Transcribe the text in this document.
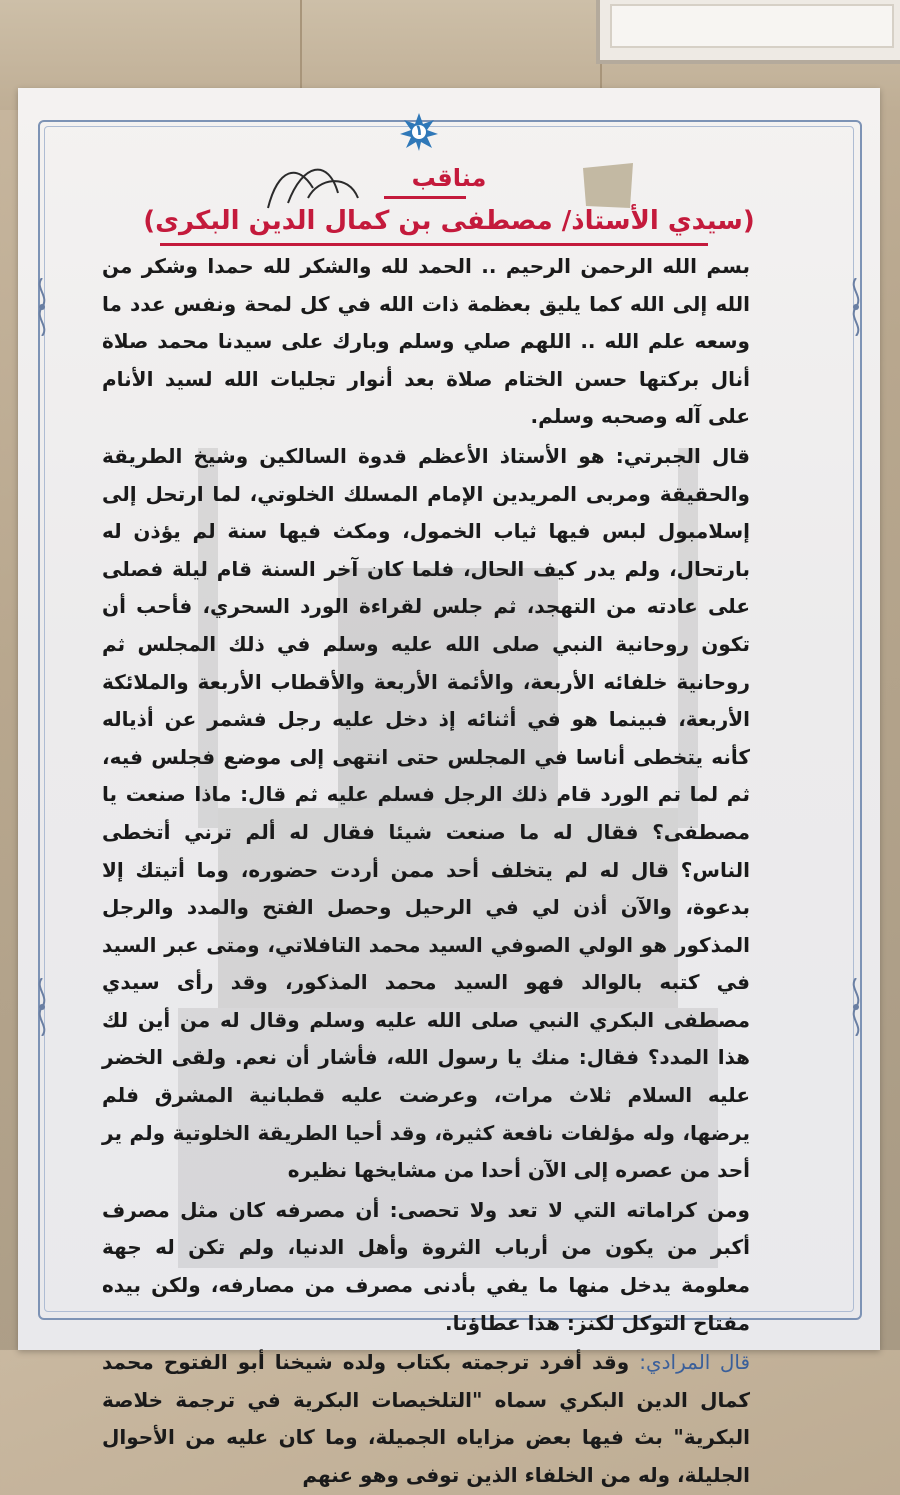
١
مناقب
(سيدي الأستاذ/ مصطفى بن كمال الدين البكرى)

بسم الله الرحمن الرحيم .. الحمد لله والشكر لله حمدا وشكر من الله إلى الله كما يليق بعظمة ذات الله في كل لمحة ونفس عدد ما وسعه علم الله .. اللهم صلي وسلم وبارك على سيدنا محمد صلاة أنال بركتها حسن الختام صلاة بعد أنوار تجليات الله لسيد الأنام على آله وصحبه وسلم.

قال الجبرتي: هو الأستاذ الأعظم قدوة السالكين وشيخ الطريقة والحقيقة ومربى المريدين الإمام المسلك الخلوتي، لما ارتحل إلى إسلامبول لبس فيها ثياب الخمول، ومكث فيها سنة لم يؤذن له بارتحال، ولم يدر كيف الحال، فلما كان آخر السنة قام ليلة فصلى على عادته من التهجد، ثم جلس لقراءة الورد السحري، فأحب أن تكون روحانية النبي صلى الله عليه وسلم في ذلك المجلس ثم روحانية خلفائه الأربعة، والأئمة الأربعة والأقطاب الأربعة والملائكة الأربعة، فبينما هو في أثنائه إذ دخل عليه رجل فشمر عن أذياله كأنه يتخطى أناسا في المجلس حتى انتهى إلى موضع فجلس فيه، ثم لما تم الورد قام ذلك الرجل فسلم عليه ثم قال: ماذا صنعت يا مصطفى؟ فقال له ما صنعت شيئا فقال له ألم ترني أتخطى الناس؟ قال له لم يتخلف أحد ممن أردت حضوره، وما أتيتك إلا بدعوة، والآن أذن لي في الرحيل وحصل الفتح والمدد والرجل المذكور هو الولي الصوفي السيد محمد التافلاتي، ومتى عبر السيد في كتبه بالوالد فهو السيد محمد المذكور، وقد رأى سيدي مصطفى البكري النبي صلى الله عليه وسلم وقال له من أين لك هذا المدد؟ فقال: منك يا رسول الله، فأشار أن نعم. ولقى الخضر عليه السلام ثلاث مرات، وعرضت عليه قطبانية المشرق فلم يرضها، وله مؤلفات نافعة كثيرة، وقد أحيا الطريقة الخلوتية ولم ير أحد من عصره إلى الآن أحدا من مشايخها نظيره

ومن كراماته التي لا تعد ولا تحصى: أن مصرفه كان مثل مصرف أكبر من يكون من أرباب الثروة وأهل الدنيا، ولم تكن له جهة معلومة يدخل منها ما يفي بأدنى مصرف من مصارفه، ولكن بيده مفتاح التوكل لكنز: هذا عطاؤنا.

قال المرادي: وقد أفرد ترجمته بكتاب ولده شيخنا أبو الفتوح محمد كمال الدين البكري سماه "التلخيصات البكرية في ترجمة خلاصة البكرية" بث فيها بعض مزاياه الجميلة، وما كان عليه من الأحوال الجليلة، وله من الخلفاء الذين توفى وهو عنهم
